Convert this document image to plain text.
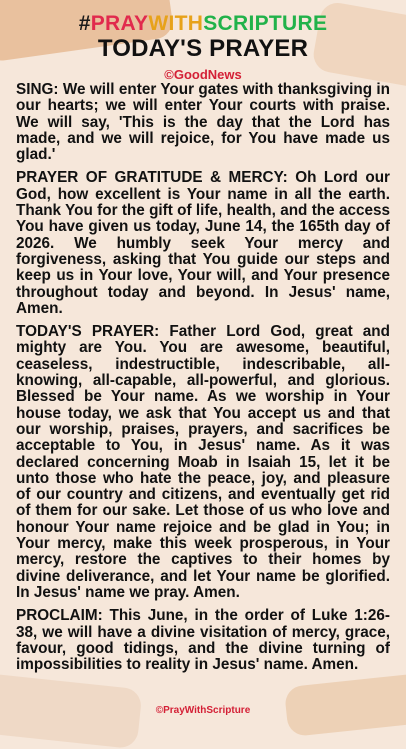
#PRAYWITHSCRIPTURE
TODAY'S PRAYER
©GoodNews

SING: We will enter Your gates with thanksgiving in our hearts; we will enter Your courts with praise. We will say, 'This is the day that the Lord has made, and we will rejoice, for You have made us glad.'

PRAYER OF GRATITUDE & MERCY: Oh Lord our God, how excellent is Your name in all the earth. Thank You for the gift of life, health, and the access You have given us today, June 14, the 165th day of 2026. We humbly seek Your mercy and forgiveness, asking that You guide our steps and keep us in Your love, Your will, and Your presence throughout today and beyond. In Jesus' name, Amen.

TODAY'S PRAYER: Father Lord God, great and mighty are You. You are awesome, beautiful, ceaseless, indestructible, indescribable, all-knowing, all-capable, all-powerful, and glorious. Blessed be Your name. As we worship in Your house today, we ask that You accept us and that our worship, praises, prayers, and sacrifices be acceptable to You, in Jesus' name. As it was declared concerning Moab in Isaiah 15, let it be unto those who hate the peace, joy, and pleasure of our country and citizens, and eventually get rid of them for our sake. Let those of us who love and honour Your name rejoice and be glad in You; in Your mercy, make this week prosperous, in Your mercy, restore the captives to their homes by divine deliverance, and let Your name be glorified. In Jesus' name we pray. Amen.

PROCLAIM: This June, in the order of Luke 1:26-38, we will have a divine visitation of mercy, grace, favour, good tidings, and the divine turning of impossibilities to reality in Jesus' name. Amen.

©PrayWithScripture
